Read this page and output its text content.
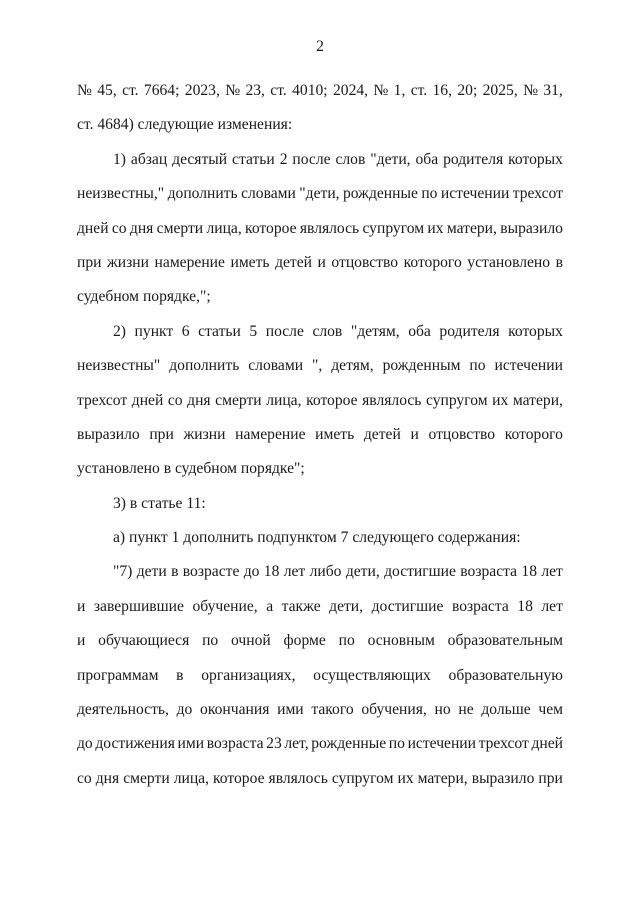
2
№ 45, ст. 7664; 2023, № 23, ст. 4010; 2024, № 1, ст. 16, 20; 2025, № 31,
ст. 4684) следующие изменения:
1) абзац десятый статьи 2 после слов "дети, оба родителя которых
неизвестны," дополнить словами "дети, рожденные по истечении трехсот
дней со дня смерти лица, которое являлось супругом их матери, выразило
при жизни намерение иметь детей и отцовство которого установлено в
судебном порядке,";
2) пункт 6 статьи 5 после слов "детям, оба родителя которых
неизвестны" дополнить словами ", детям, рожденным по истечении
трехсот дней со дня смерти лица, которое являлось супругом их матери,
выразило при жизни намерение иметь детей и отцовство которого
установлено в судебном порядке";
3) в статье 11:
а) пункт 1 дополнить подпунктом 7 следующего содержания:
"7) дети в возрасте до 18 лет либо дети, достигшие возраста 18 лет
и завершившие обучение, а также дети, достигшие возраста 18 лет
и обучающиеся по очной форме по основным образовательным
программам в организациях, осуществляющих образовательную
деятельность, до окончания ими такого обучения, но не дольше чем
до достижения ими возраста 23 лет, рожденные по истечении трехсот дней
со дня смерти лица, которое являлось супругом их матери, выразило при
